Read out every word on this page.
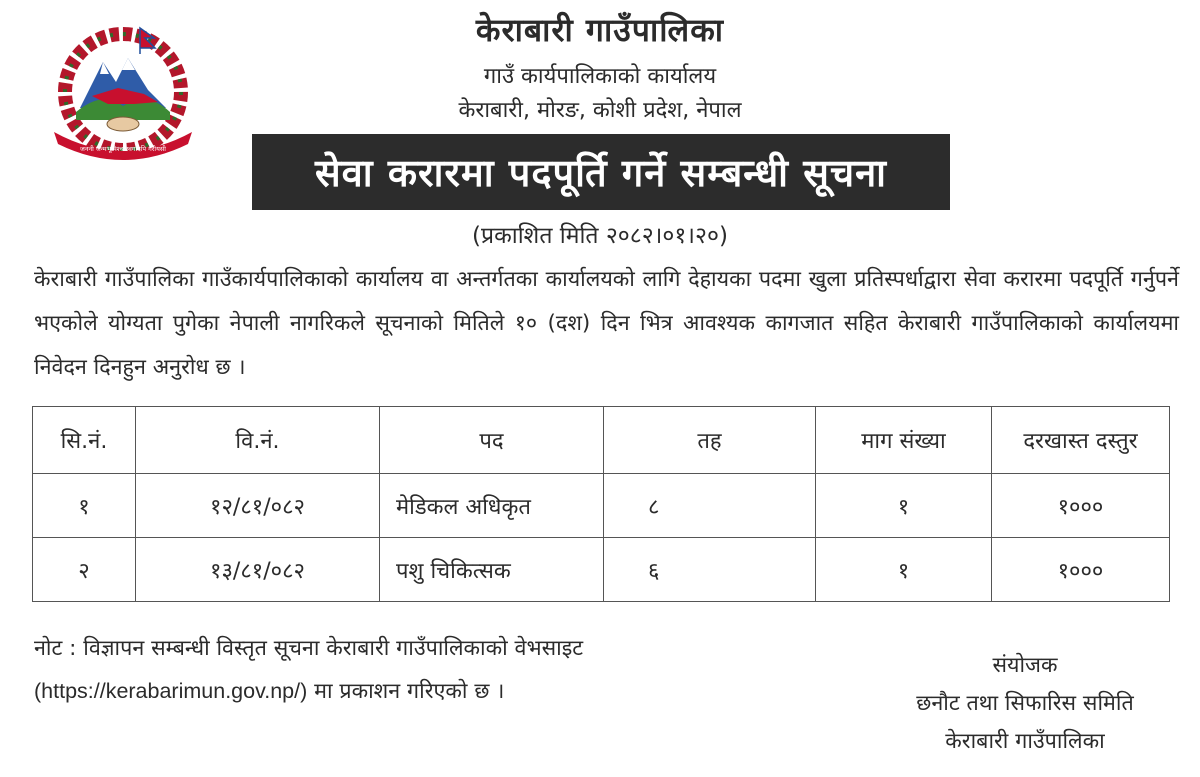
जननी जन्मभूमिश्च स्वर्गादपि गरीयसी
केराबारी गाउँपालिका
गाउँ कार्यपालिकाको कार्यालय
केराबारी, मोरङ, कोशी प्रदेश, नेपाल
सेवा करारमा पदपूर्ति गर्ने सम्बन्धी सूचना
(प्रकाशित मिति २०८२।०१।२०)
केराबारी गाउँपालिका गाउँकार्यपालिकाको कार्यालय वा अन्तर्गतका कार्यालयको लागि देहायका पदमा खुला प्रतिस्पर्धाद्वारा सेवा करारमा पदपूर्ति गर्नुपर्ने भएकोले योग्यता पुगेका नेपाली नागरिकले सूचनाको मितिले १० (दश) दिन भित्र आवश्यक कागजात सहित केराबारी गाउँपालिकाको कार्यालयमा निवेदन दिनहुन अनुरोध छ ।
सि.नं.	वि.नं.	पद	तह	माग संख्या	दरखास्त दस्तुर
१	१२/८१/०८२	मेडिकल अधिकृत	८	१	१०००
२	१३/८१/०८२	पशु चिकित्सक	६	१	१०००
नोट : विज्ञापन सम्बन्धी विस्तृत सूचना केराबारी गाउँपालिकाको वेभसाइट
(https://kerabarimun.gov.np/) मा प्रकाशन गरिएको छ ।
संयोजक
छनौट तथा सिफारिस समिति
केराबारी गाउँपालिका
